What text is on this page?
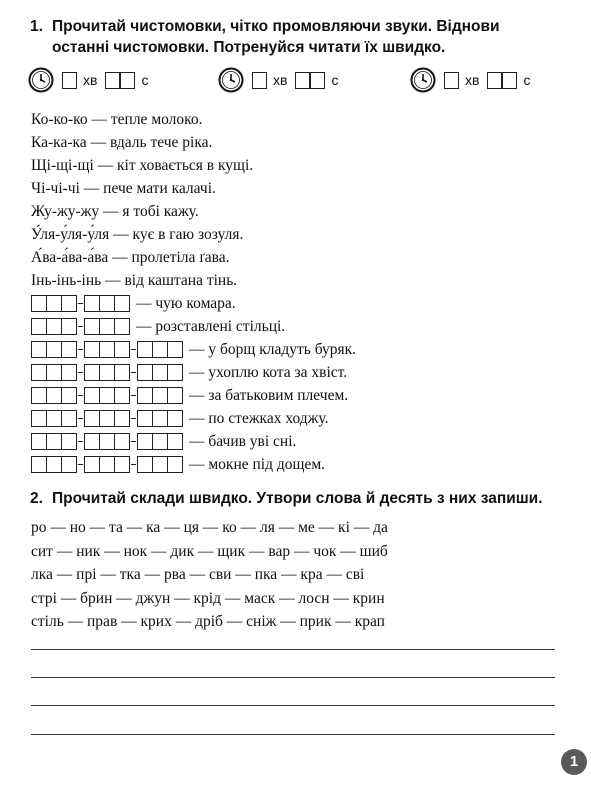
1. Прочитай чистомовки, чітко промовляючи звуки. Віднови
останні чистомовки. Потренуйся читати їх швидко.
хв	с	хв	с	хв	с
Ко-ко-ко — тепле молоко.
Ка-ка-ка — вдаль тече ріка.
Щі-щі-щі — кіт ховається в кущі.
Чі-чі-чі — пече мати калачі.
Жу-жу-жу — я тобі кажу.
У́ля-у́ля-у́ля — кує в гаю зозуля.
А́ва-а́ва-а́ва — пролетіла ґава.
Інь-інь-інь — від каштана тінь.
— чую комара.
— розставлені стільці.
— у борщ кладуть буряк.
— ухоплю кота за хвіст.
— за батьковим плечем.
— по стежках ходжу.
— бачив уві сні.
— мокне під дощем.
2. Прочитай склади швидко. Утвори слова й десять з них запиши.
ро — но — та — ка — ця — ко — ля — ме — кі — да
сит — ник — нок — дик — щик — вар — чок — шиб
лка — прі — тка — рва — сви — пка — кра — сві
стрі — брин — джун — крід — маск — лосн — крин
стіль — прав — крих — дріб — сніж — прик — крап
1
